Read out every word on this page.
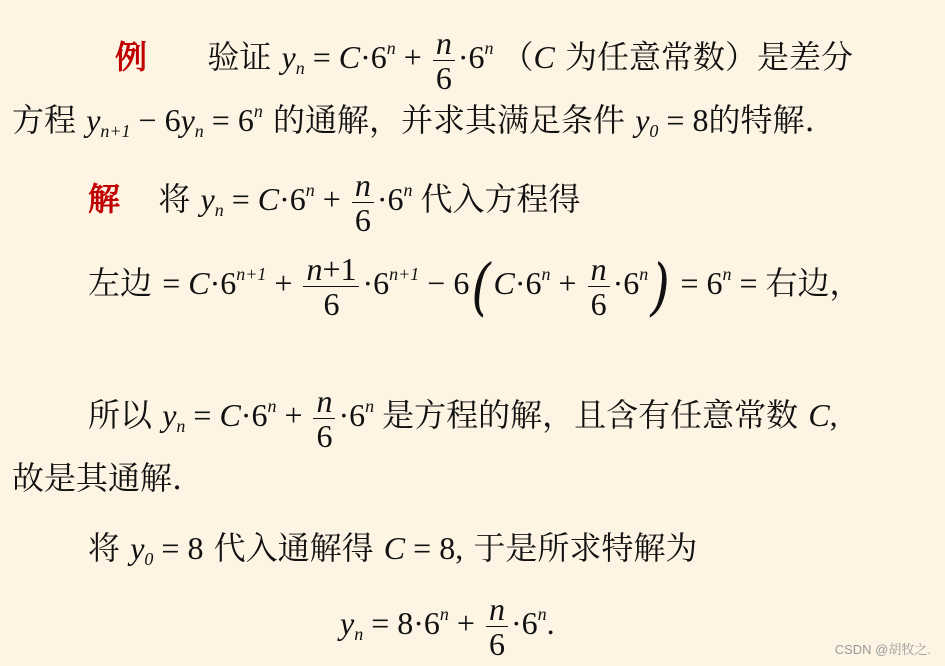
例 验证 $y_n = C\cdot 6^n + \frac{n}{6} \cdot 6^n$ （C 为任意常数）是差分
方程 $y_{n+1} - 6y_n = 6^n$ 的通解，并求其满足条件 $y_0 = 8$的特解.
解 将 $y_n = C\cdot 6^n + \frac{n}{6} \cdot 6^n$ 代入方程得
左边 = $C\cdot 6^{n+1} + \frac{n+1}{6} \cdot 6^{n+1} - 6(C\cdot 6^n + \frac{n}{6} \cdot 6^n) = 6^n$ = 右边，
所以 $y_n = C\cdot 6^n + \frac{n}{6} \cdot 6^n$ 是方程的解，且含有任意常数 C,
故是其通解.
将 $y_0 = 8$ 代入通解得 C = 8, 于是所求特解为
$y_n = 8\cdot 6^n + \frac{n}{6} \cdot 6^n$.
CSDN @胡牧之.
